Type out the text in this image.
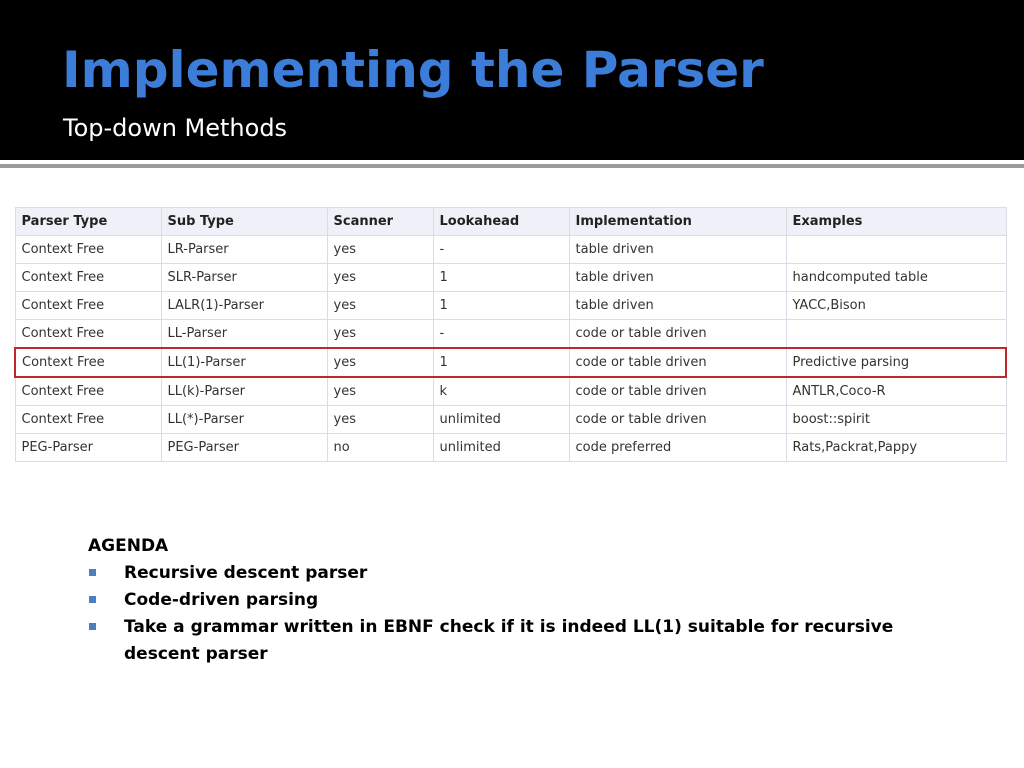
Implementing the Parser
Top-down Methods
Parser Type	Sub Type	Scanner	Lookahead	Implementation	Examples
Context Free	LR-Parser	yes	-	table driven	
Context Free	SLR-Parser	yes	1	table driven	handcomputed table
Context Free	LALR(1)-Parser	yes	1	table driven	YACC,Bison
Context Free	LL-Parser	yes	-	code or table driven	
Context Free	LL(1)-Parser	yes	1	code or table driven	Predictive parsing
Context Free	LL(k)-Parser	yes	k	code or table driven	ANTLR,Coco-R
Context Free	LL(*)-Parser	yes	unlimited	code or table driven	boost::spirit
PEG-Parser	PEG-Parser	no	unlimited	code preferred	Rats,Packrat,Pappy
AGENDA
Recursive descent parser
Code-driven parsing
Take a grammar written in EBNF check if it is indeed LL(1) suitable for recursive descent parser
